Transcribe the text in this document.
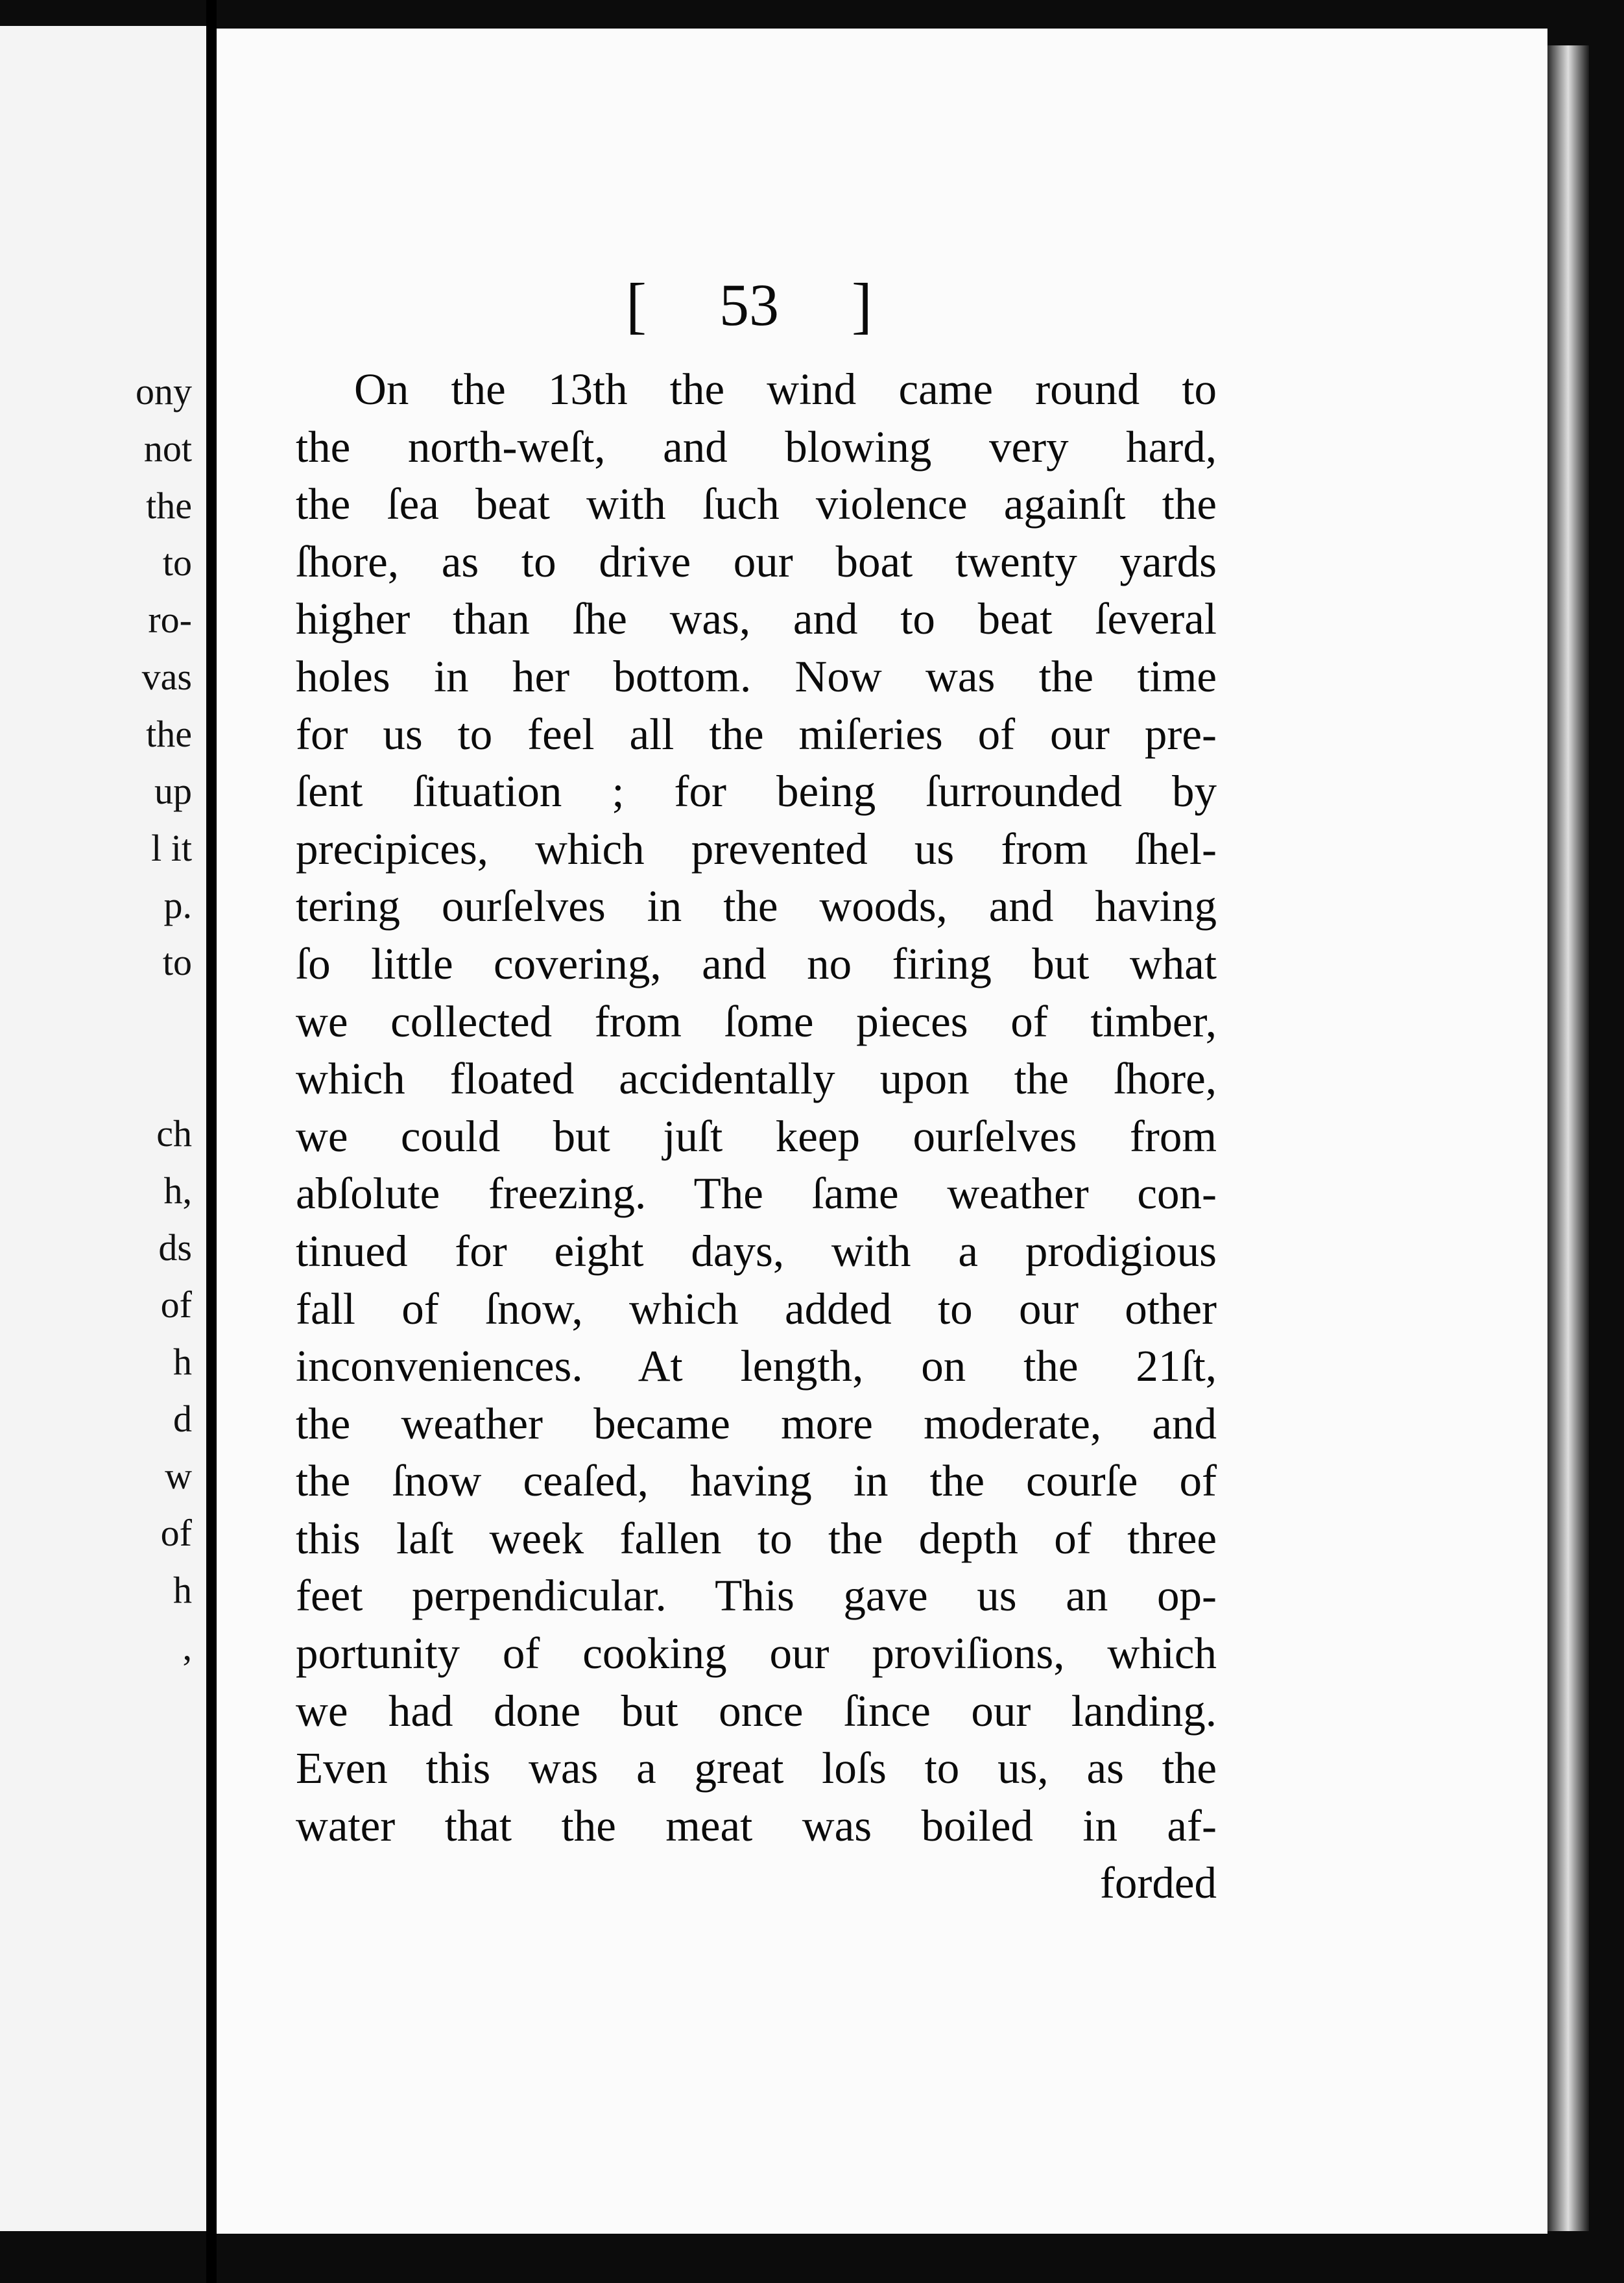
ony
not
the
to
ro-
vas
the
up
l it
p.
to

ch
h,
ds
of
h
d
w
of
h
,

[ 53 ]
On the 13th the wind came round to
the north-weſt, and blowing very hard,
the ſea beat with ſuch violence againſt the
ſhore, as to drive our boat twenty yards
higher than ſhe was, and to beat ſeveral
holes in her bottom. Now was the time
for us to feel all the miſeries of our pre-
ſent ſituation ; for being ſurrounded by
precipices, which prevented us from ſhel-
tering ourſelves in the woods, and having
ſo little covering, and no firing but what
we collected from ſome pieces of timber,
which floated accidentally upon the ſhore,
we could but juſt keep ourſelves from
abſolute freezing. The ſame weather con-
tinued for eight days, with a prodigious
fall of ſnow, which added to our other
inconveniences. At length, on the 21ſt,
the weather became more moderate, and
the ſnow ceaſed, having in the courſe of
this laſt week fallen to the depth of three
feet perpendicular. This gave us an op-
portunity of cooking our proviſions, which
we had done but once ſince our landing.
Even this was a great loſs to us, as the
water that the meat was boiled in af-
forded
